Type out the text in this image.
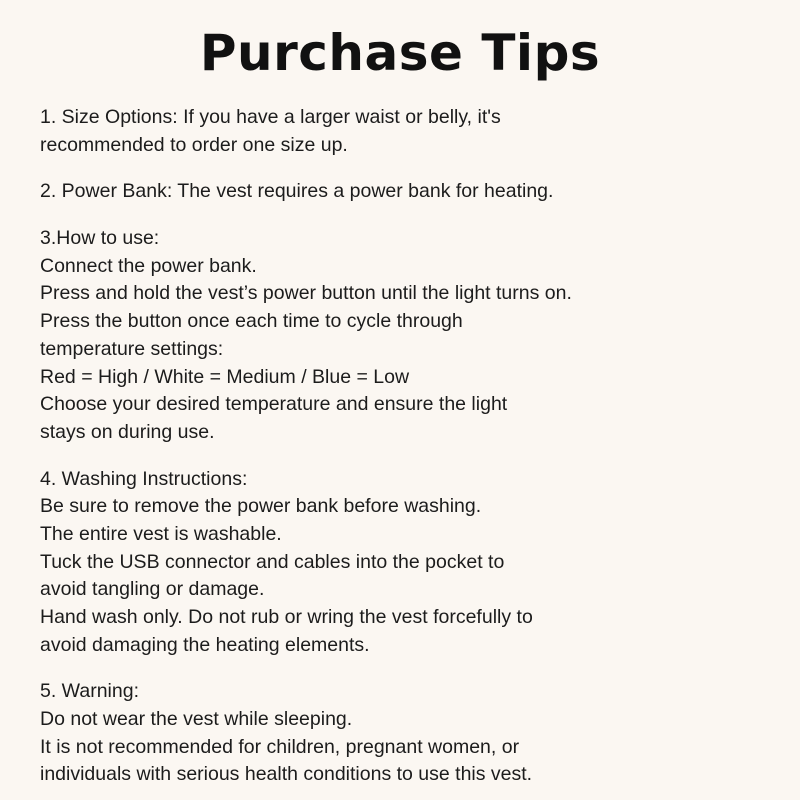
Purchase Tips
1. Size Options: If you have a larger waist or belly, it's
recommended to order one size up.
2. Power Bank: The vest requires a power bank for heating.
3.How to use:
Connect the power bank.
Press and hold the vest’s power button until the light turns on.
Press the button once each time to cycle through
temperature settings:
Red = High / White = Medium / Blue = Low
Choose your desired temperature and ensure the light
stays on during use.
4. Washing Instructions:
Be sure to remove the power bank before washing.
The entire vest is washable.
Tuck the USB connector and cables into the pocket to
avoid tangling or damage.
Hand wash only. Do not rub or wring the vest forcefully to
avoid damaging the heating elements.
5. Warning:
Do not wear the vest while sleeping.
It is not recommended for children, pregnant women, or
individuals with serious health conditions to use this vest.
